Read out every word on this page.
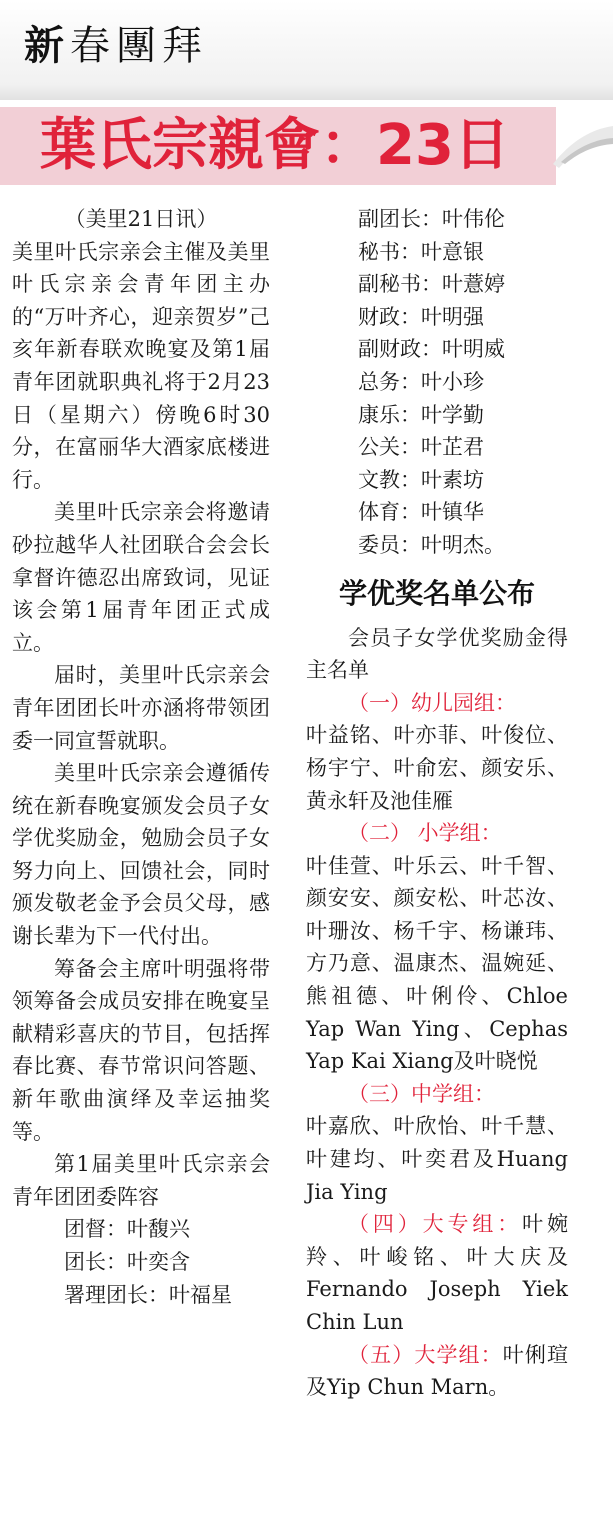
新春團拜
葉氏宗親會：23日

（美里21日讯）

美里叶氏宗亲会主催及美里叶氏宗亲会青年团主办的“万叶齐心，迎亲贺岁”己亥年新春联欢晚宴及第1届青年团就职典礼将于2月23日（星期六）傍晚6时30分，在富丽华大酒家底楼进行。

美里叶氏宗亲会将邀请砂拉越华人社团联合会会长拿督许德忍出席致词，见证该会第1届青年团正式成立。

届时，美里叶氏宗亲会青年团团长叶亦涵将带领团委一同宣誓就职。

美里叶氏宗亲会遵循传统在新春晚宴颁发会员子女学优奖励金，勉励会员子女努力向上、回馈社会，同时颁发敬老金予会员父母，感谢长辈为下一代付出。

筹备会主席叶明强将带领筹备会成员安排在晚宴呈献精彩喜庆的节目，包括挥春比赛、春节常识问答题、新年歌曲演绎及幸运抽奖等。

第1届美里叶氏宗亲会青年团团委阵容

团督：叶馥兴

团长：叶奕含

署理团长：叶福星

副团长：叶伟伦

秘书：叶意银

副秘书：叶薏婷

财政：叶明强

副财政：叶明威

总务：叶小珍

康乐：叶学勤

公关：叶芷君

文教：叶素坊

体育：叶镇华

委员：叶明杰。

学优奖名单公布

会员子女学优奖励金得主名单

（一）幼儿园组：

叶益铭、叶亦菲、叶俊位、杨宇宁、叶俞宏、颜安乐、黄永轩及池佳雁

（二） 小学组：

叶佳萱、叶乐云、叶千智、颜安安、颜安松、叶芯汝、叶珊汝、杨千宇、杨谦玮、方乃意、温康杰、温婉延、熊祖德、叶俐伶、Chloe Yap Wan Ying、Cephas Yap Kai Xiang及叶晓悦

（三）中学组：

叶嘉欣、叶欣怡、叶千慧、叶建均、叶奕君及Huang Jia Ying

（四）大专组：叶婉羚、叶峻铭、叶大庆及Fernando Joseph Yiek Chin Lun

（五）大学组：叶俐瑄及Yip Chun Marn。
